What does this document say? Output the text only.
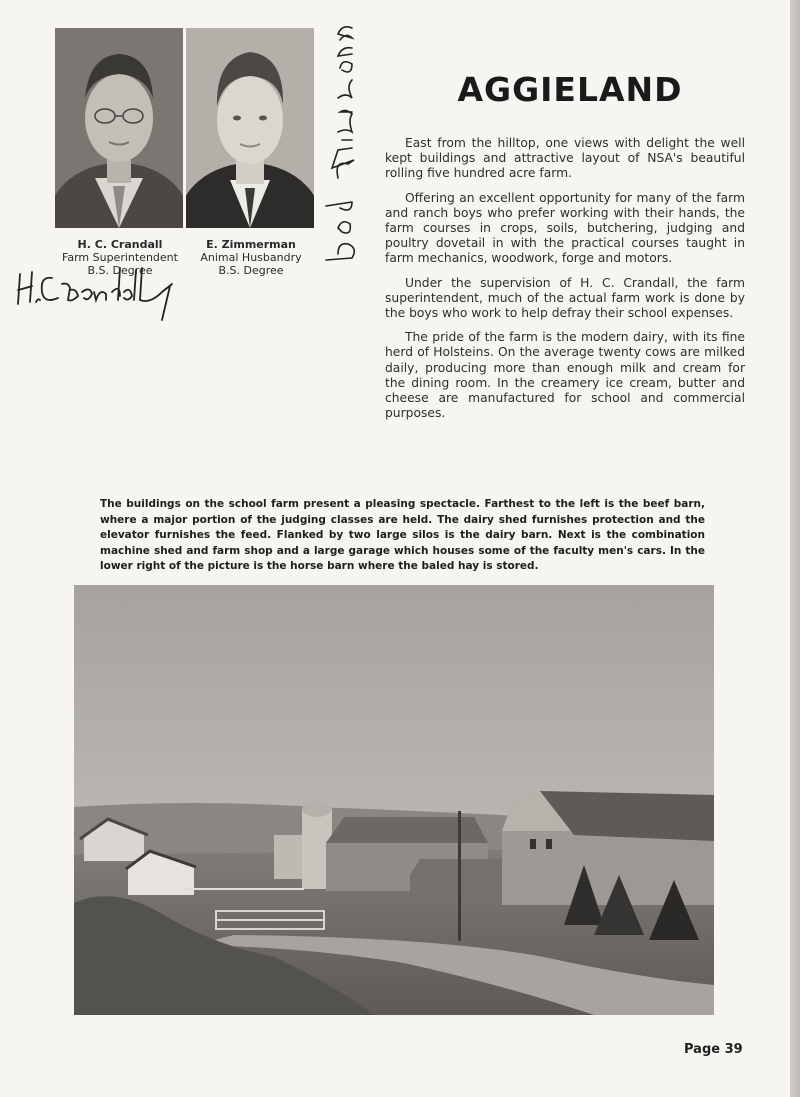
H. C. Crandall
Farm Superintendent
B.S. Degree
E. Zimmerman
Animal Husbandry
B.S. Degree
AGGIELAND

East from the hilltop, one views with delight the well kept buildings and attractive layout of NSA's beautiful rolling five hundred acre farm.

Offering an excellent opportunity for many of the farm and ranch boys who prefer working with their hands, the farm courses in crops, soils, butchering, judging and poultry dovetail in with the practical courses taught in farm mechanics, woodwork, forge and motors.

Under the supervision of H. C. Crandall, the farm superintendent, much of the actual farm work is done by the boys who work to help defray their school expenses.

The pride of the farm is the modern dairy, with its fine herd of Holsteins. On the average twenty cows are milked daily, producing more than enough milk and cream for the dining room. In the creamery ice cream, butter and cheese are manufactured for school and commercial purposes.

The buildings on the school farm present a pleasing spectacle. Farthest to the left is the beef barn, where a major portion of the judging classes are held. The dairy shed furnishes protection and the elevator furnishes the feed. Flanked by two large silos is the dairy barn. Next is the combination machine shed and farm shop and a large garage which houses some of the faculty men's cars. In the lower right of the picture is the horse barn where the baled hay is stored.
Page 39
